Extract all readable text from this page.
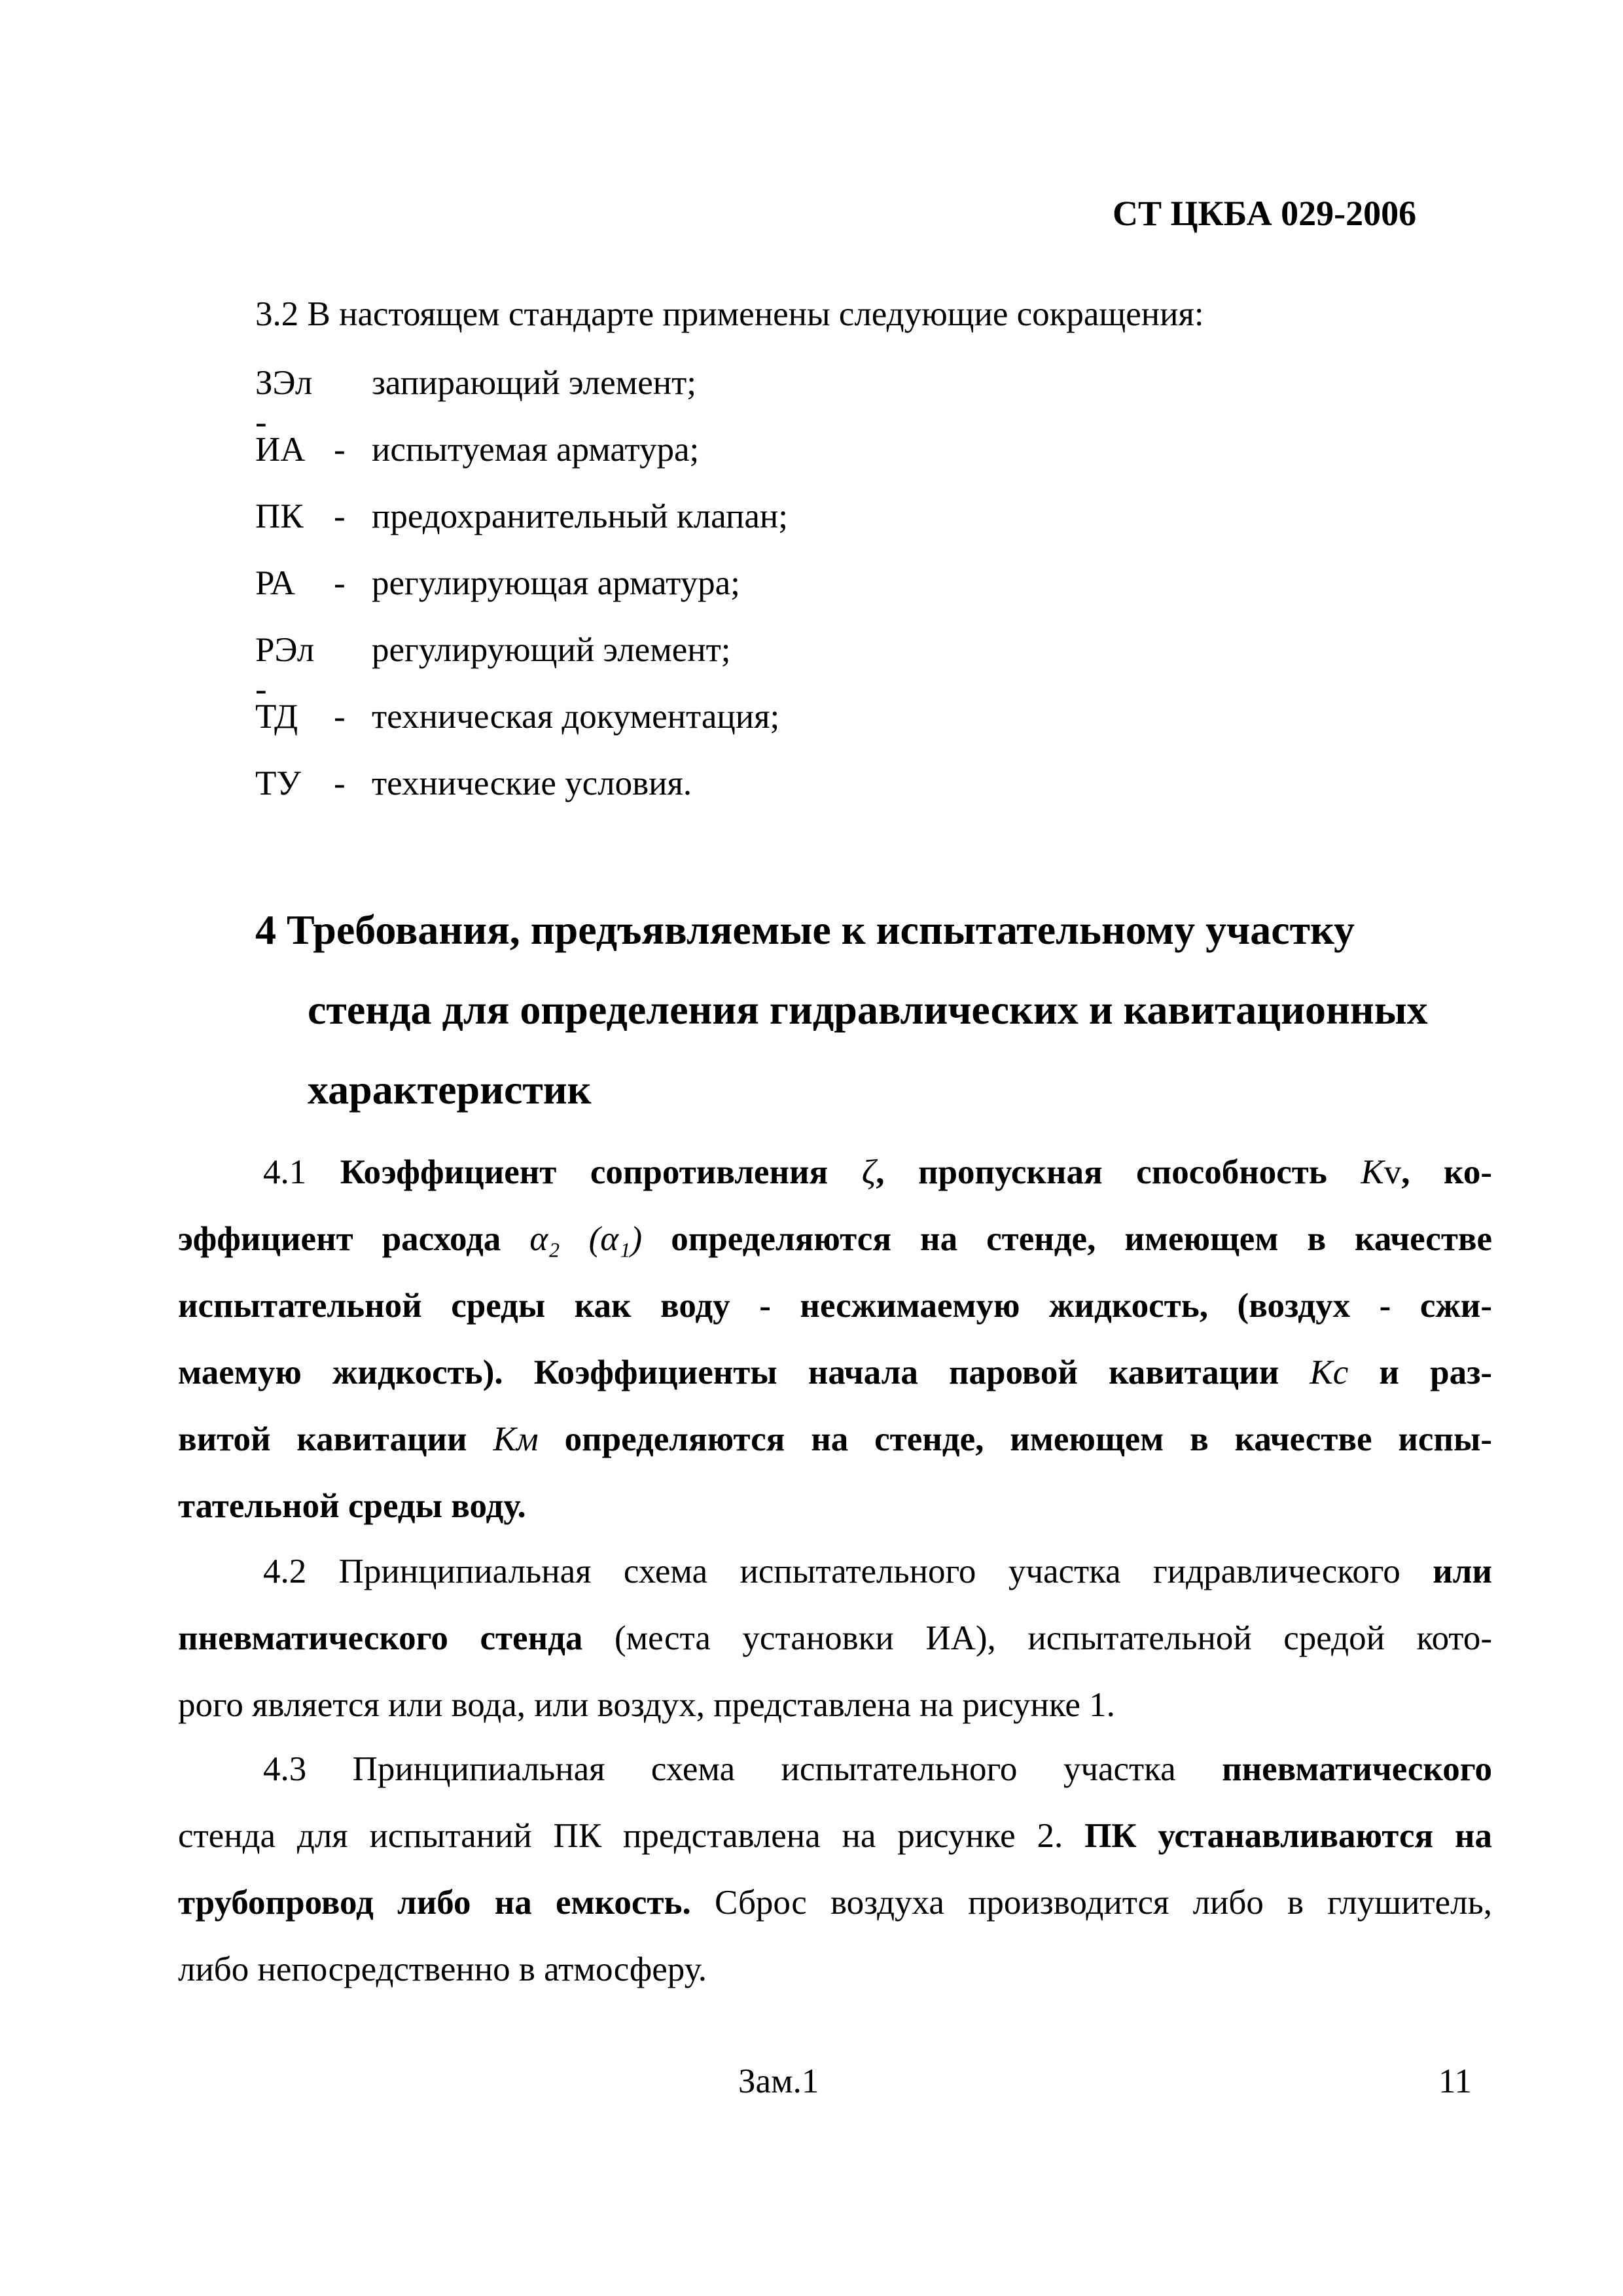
СТ ЦКБА 029-2006
3.2 В настоящем стандарте применены следующие сокращения:
ЗЭл -
запирающий элемент;
ИА - испытуемая арматура;
ПК - предохранительный клапан;
РА - регулирующая арматура;
РЭл -
регулирующий элемент;
ТД - техническая документация;
ТУ - технические условия.
4 Требования, предъявляемые к испытательному участку
стенда для определения гидравлических и кавитационных
характеристик
4.1 Коэффициент сопротивления ζ, пропускная способность Kv, ко-
эффициент расхода α₂ (α₁) определяются на стенде, имеющем в качестве
испытательной среды как воду - несжимаемую жидкость, (воздух - сжи-
маемую жидкость). Коэффициенты начала паровой кавитации Kс и раз-
витой кавитации Kм определяются на стенде, имеющем в качестве испы-
тательной среды воду.
4.2 Принципиальная схема испытательного участка гидравлического или
пневматического стенда (места установки ИА), испытательной средой кото-
рого является или вода, или воздух, представлена на рисунке 1.
4.3 Принципиальная схема испытательного участка пневматического
стенда для испытаний ПК представлена на рисунке 2. ПК устанавливаются на
трубопровод либо на емкость. Сброс воздуха производится либо в глушитель,
либо непосредственно в атмосферу.
Зам.1	11
